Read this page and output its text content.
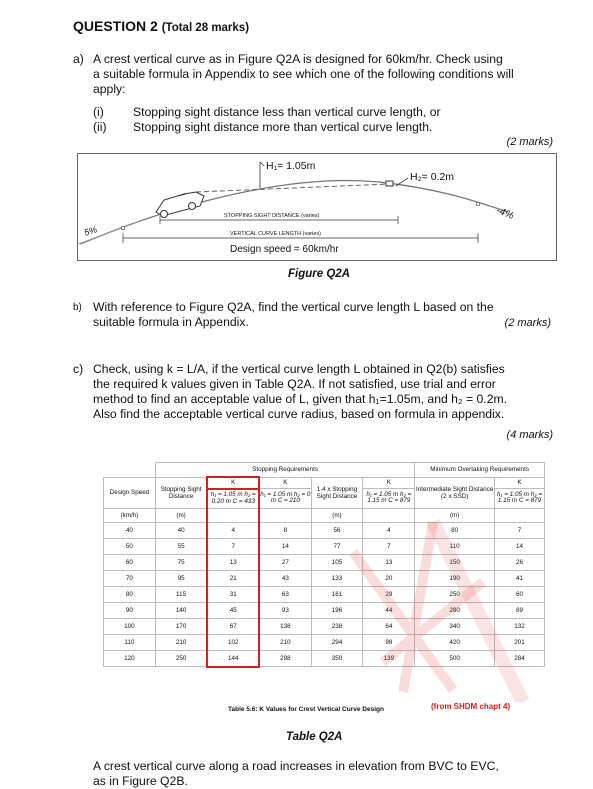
QUESTION 2 (Total 28 marks)
a) A crest vertical curve as in Figure Q2A is designed for 60km/hr. Check using
a suitable formula in Appendix to see which one of the following conditions will
apply:
(i) Stopping sight distance less than vertical curve length, or
(ii) Stopping sight distance more than vertical curve length.
(2 marks)
H₁= 1.05m
H₂= 0.2m
5%
-4%
STOPPING SIGHT DISTANCE (varies)
VERTICAL CURVE LENGTH (varies)
Design speed = 60km/hr
Figure Q2A
b) With reference to Figure Q2A, find the vertical curve length L based on the
suitable formula in Appendix.	(2 marks)
c) Check, using k = L/A, if the vertical curve length L obtained in Q2(b) satisfies
the required k values given in Table Q2A. If not satisfied, use trial and error
method to find an acceptable value of L, given that h₁=1.05m, and h₂ = 0.2m.
Also find the acceptable vertical curve radius, based on formula in appendix.
(4 marks)
	Stopping Requirements					Minimum Overtaking Requirements	
Design Speed	Stopping Sight Distance	K	K	1.4 x Stopping Sight Distance	K	Intermediate Sight Distance (2 x SSD)	K
		h₁ = 1.05 m h₂ = 0.20 m C = 433	h₁ = 1.05 m h₂ = 0 m C = 210		h₁ = 1.05 m h₂ = 1.15 m C = 879		h₁ = 1.05 m h₂ = 1.15 m C = 879
(km/h)	(m)			(m)		(m)	
40	40	4	8	56	4	80	7
50	55	7	14	77	7	110	14
60	75	13	27	105	13	150	26
70	95	21	43	133	20	190	41
80	115	31	63	161	29	250	60
90	140	45	93	196	44	280	89
100	170	67	138	238	64	340	132
110	210	102	210	294	98	420	201
120	250	144	298	350	139	500	284
Table 5.6: K Values for Crest Vertical Curve Design	(from SHDM chapt 4)
Table Q2A
A crest vertical curve along a road increases in elevation from BVC to EVC,
as in Figure Q2B.
